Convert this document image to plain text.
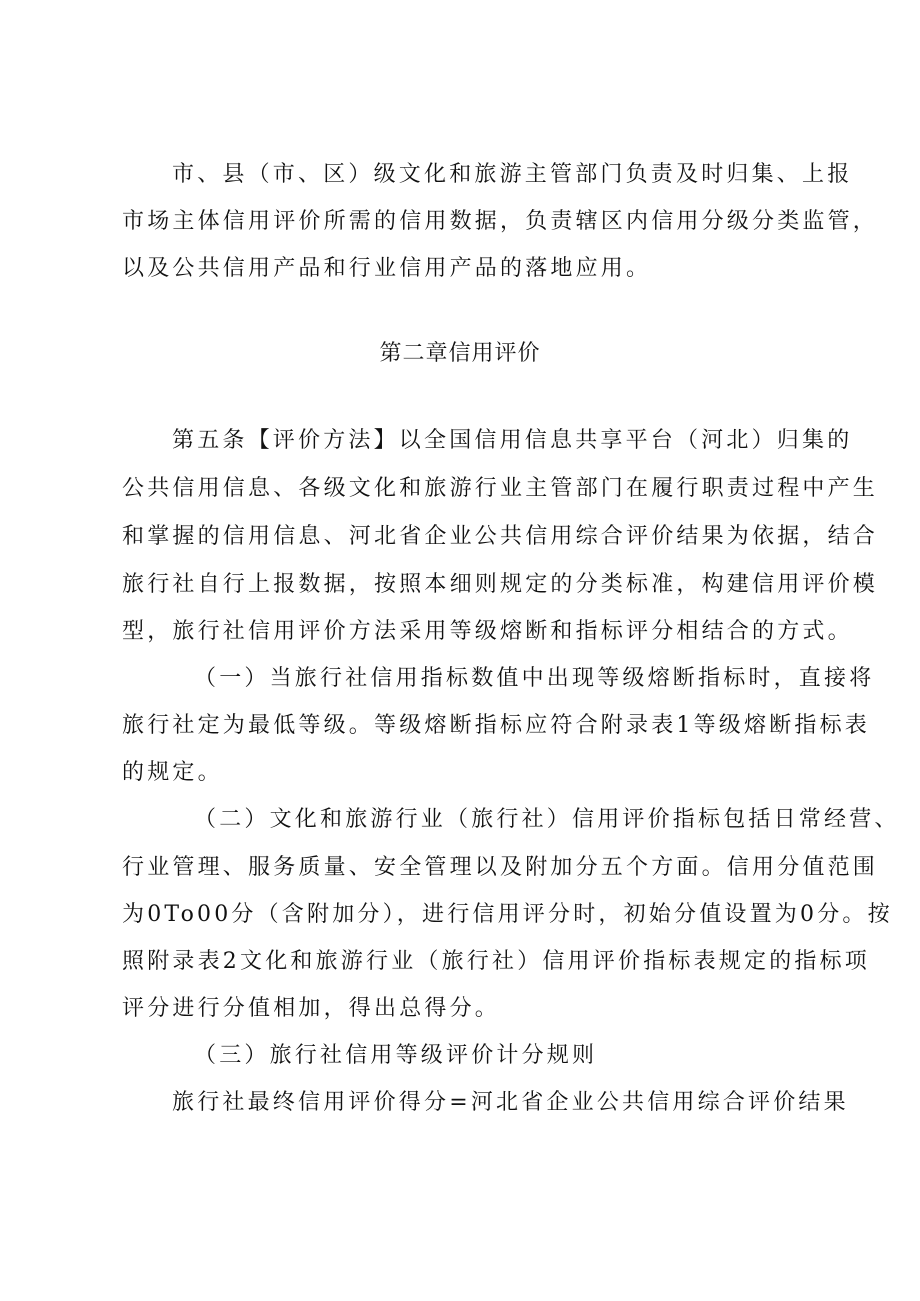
市、县（市、区）级文化和旅游主管部门负责及时归集、上报
市场主体信用评价所需的信用数据，负责辖区内信用分级分类监管，
以及公共信用产品和行业信用产品的落地应用。
第二章信用评价
第五条【评价方法】以全国信用信息共享平台（河北）归集的
公共信用信息、各级文化和旅游行业主管部门在履行职责过程中产生
和掌握的信用信息、河北省企业公共信用综合评价结果为依据，结合
旅行社自行上报数据，按照本细则规定的分类标准，构建信用评价模
型，旅行社信用评价方法采用等级熔断和指标评分相结合的方式。
（一）当旅行社信用指标数值中出现等级熔断指标时，直接将
旅行社定为最低等级。等级熔断指标应符合附录表1等级熔断指标表
的规定。
（二）文化和旅游行业（旅行社）信用评价指标包括日常经营、
行业管理、服务质量、安全管理以及附加分五个方面。信用分值范围
为0To00分（含附加分），进行信用评分时，初始分值设置为0分。按
照附录表2文化和旅游行业（旅行社）信用评价指标表规定的指标项
评分进行分值相加，得出总得分。
（三）旅行社信用等级评价计分规则
旅行社最终信用评价得分=河北省企业公共信用综合评价结果
